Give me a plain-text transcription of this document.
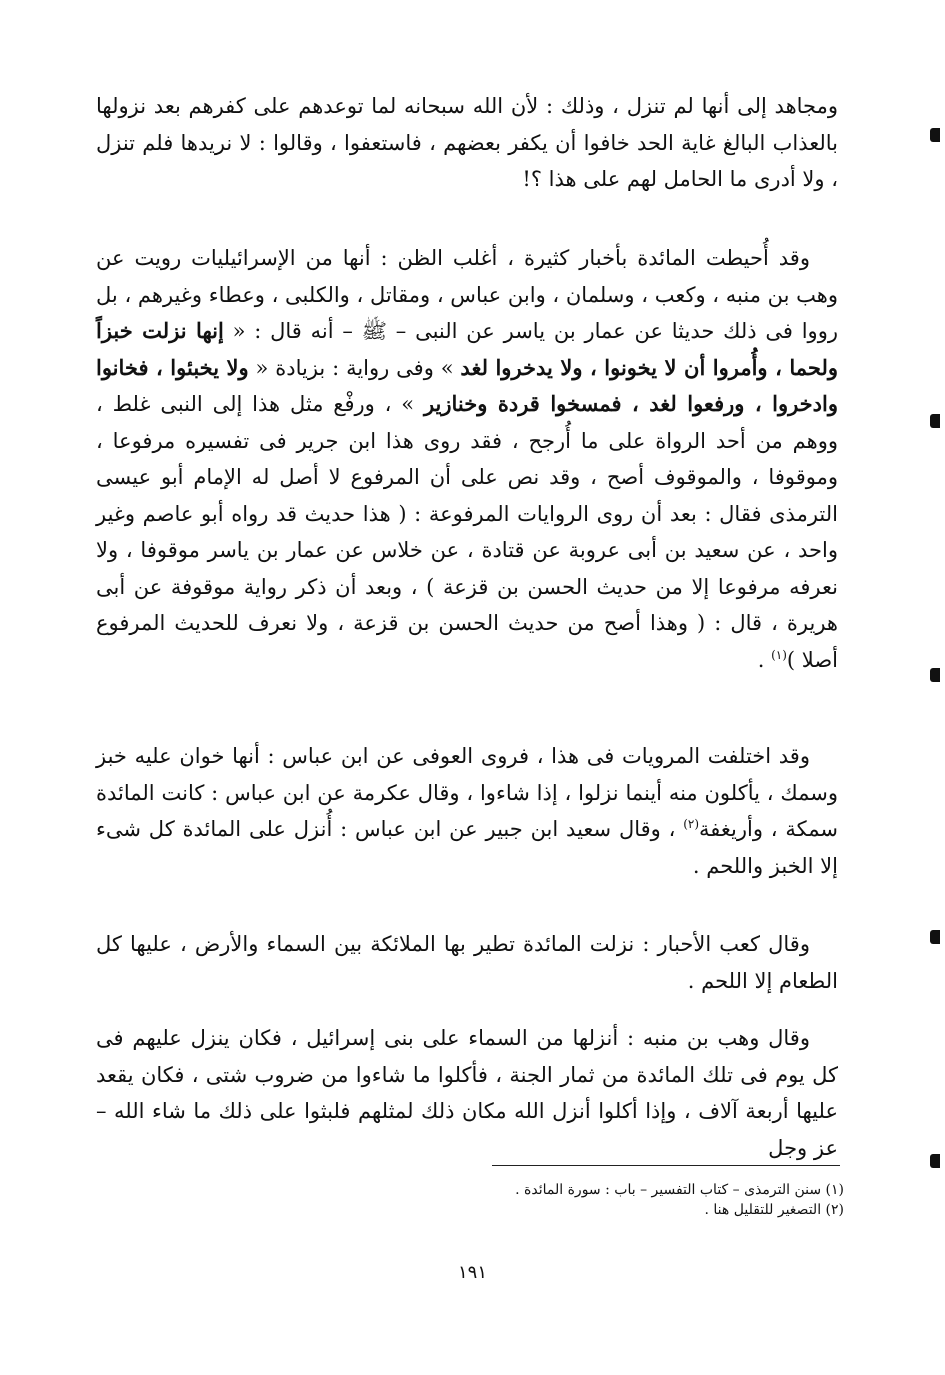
ومجاهد إلى أنها لم تنزل ، وذلك : لأن الله سبحانه لما توعدهم على كفرهم بعد نزولها بالعذاب البالغ غاية الحد خافوا أن يكفر بعضهم ، فاستعفوا ، وقالوا : لا نريدها فلم تنزل ، ولا أدرى ما الحامل لهم على هذا ؟!

وقد أُحيطت المائدة بأخبار كثيرة ، أغلب الظن : أنها من الإسرائيليات رويت عن وهب بن منبه ، وكعب ، وسلمان ، وابن عباس ، ومقاتل ، والكلبى ، وعطاء وغيرهم ، بل رووا فى ذلك حديثا عن عمار بن ياسر عن النبى – ﷺ – أنه قال : « إنها نزلت خبزاً ولحما ، وأُمروا أن لا يخونوا ، ولا يدخروا لغد » وفى رواية : بزيادة « ولا يخبئوا ، فخانوا وادخروا ، ورفعوا لغد ، فمسخوا قردة وخنازير » ، ورفْع مثل هذا إلى النبى غلط ، ووهم من أحد الرواة على ما أُرجح ، فقد روى هذا ابن جرير فى تفسيره مرفوعا ، وموقوفا ، والموقوف أصح ، وقد نص على أن المرفوع لا أصل له الإمام أبو عيسى الترمذى فقال : بعد أن روى الروايات المرفوعة : ( هذا حديث قد رواه أبو عاصم وغير واحد ، عن سعيد بن أبى عروبة عن قتادة ، عن خلاس عن عمار بن ياسر موقوفا ، ولا نعرفه مرفوعا إلا من حديث الحسن بن قزعة ) ، وبعد أن ذكر رواية موقوفة عن أبى هريرة ، قال : ( وهذا أصح من حديث الحسن بن قزعة ، ولا نعرف للحديث المرفوع أصلا )$^{(١)}$ .

وقد اختلفت المرويات فى هذا ، فروى العوفى عن ابن عباس : أنها خوان عليه خبز وسمك ، يأكلون منه أينما نزلوا ، إذا شاءوا ، وقال عكرمة عن ابن عباس : كانت المائدة سمكة ، وأريغفة$^{(٢)}$ ، وقال سعيد ابن جبير عن ابن عباس : أُنزل على المائدة كل شىء إلا الخبز واللحم .

وقال كعب الأحبار : نزلت المائدة تطير بها الملائكة بين السماء والأرض ، عليها كل الطعام إلا اللحم .

وقال وهب بن منبه : أنزلها من السماء على بنى إسرائيل ، فكان ينزل عليهم فى كل يوم فى تلك المائدة من ثمار الجنة ، فأكلوا ما شاءوا من ضروب شتى ، فكان يقعد عليها أربعة آلاف ، وإذا أكلوا أنزل الله مكان ذلك لمثلهم فلبثوا على ذلك ما شاء الله – عز وجل

(١) سنن الترمذى – كتاب التفسير – باب : سورة المائدة .
(٢) التصغير للتقليل هنا .
١٩١
